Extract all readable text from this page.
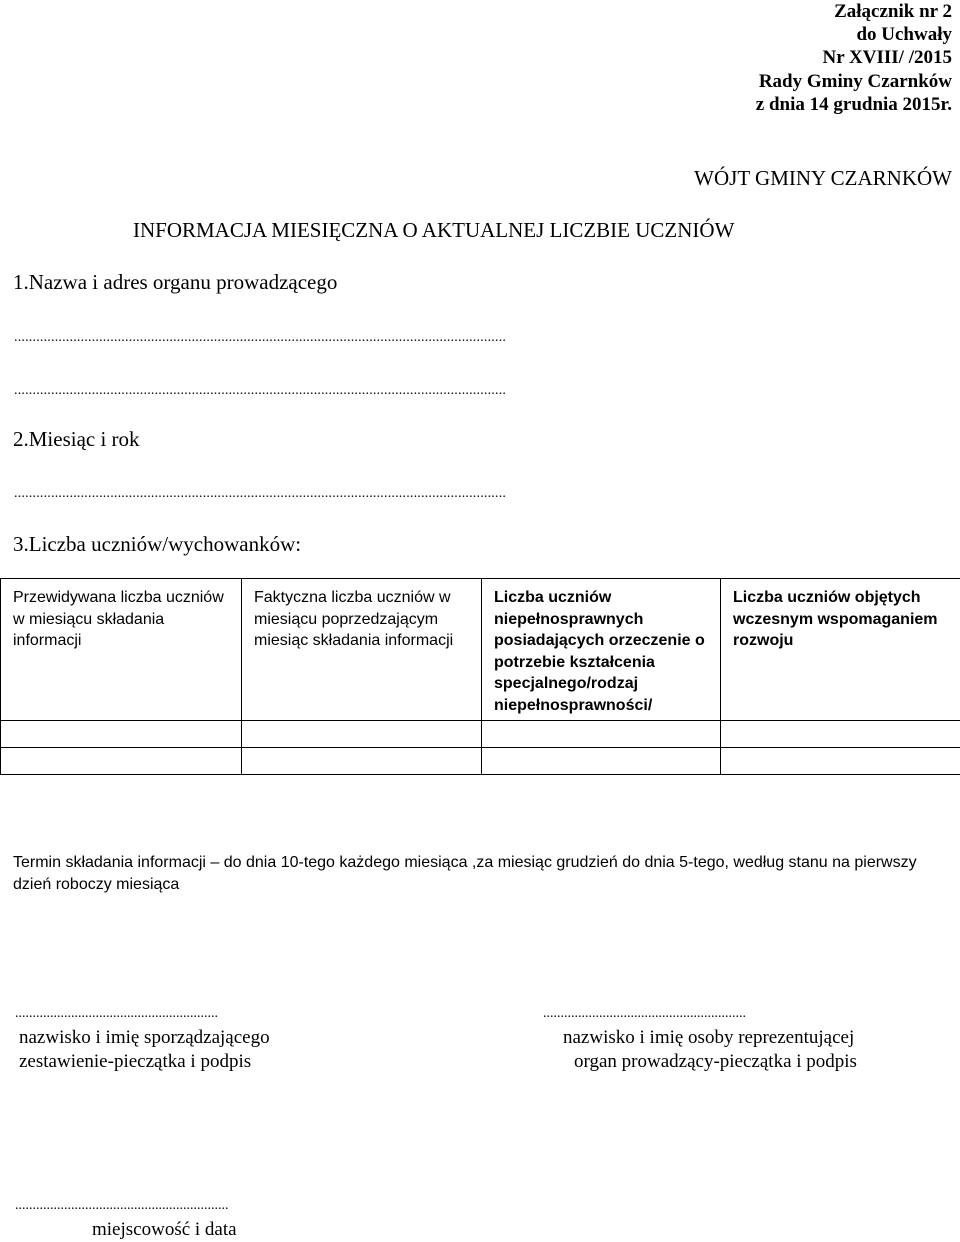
Załącznik nr 2
do Uchwały
Nr XVIII/ /2015
Rady Gminy Czarnków
z dnia 14 grudnia 2015r.
WÓJT GMINY CZARNKÓW
INFORMACJA MIESIĘCZNA O AKTUALNEJ LICZBIE UCZNIÓW
1.Nazwa i adres organu prowadzącego
.....................................................................................................................................
.....................................................................................................................................
2.Miesiąc i rok
.....................................................................................................................................
3.Liczba uczniów/wychowanków:
Przewidywana liczba uczniów w miesiącu składania informacji	Faktyczna liczba uczniów w miesiącu poprzedzającym miesiąc składania informacji	Liczba uczniów niepełnosprawnych posiadających orzeczenie o potrzebie kształcenia specjalnego/rodzaj niepełnosprawności/	Liczba uczniów objętych wczesnym wspomaganiem rozwoju

Termin składania informacji – do dnia 10-tego każdego miesiąca ,za miesiąc grudzień do dnia 5-tego, według stanu na pierwszy dzień roboczy miesiąca
..........................................................
nazwisko i imię sporządzającego
zestawienie-pieczątka i podpis
..........................................................
nazwisko i imię osoby reprezentującej
organ prowadzący-pieczątka i podpis
.............................................................
miejscowość i data
